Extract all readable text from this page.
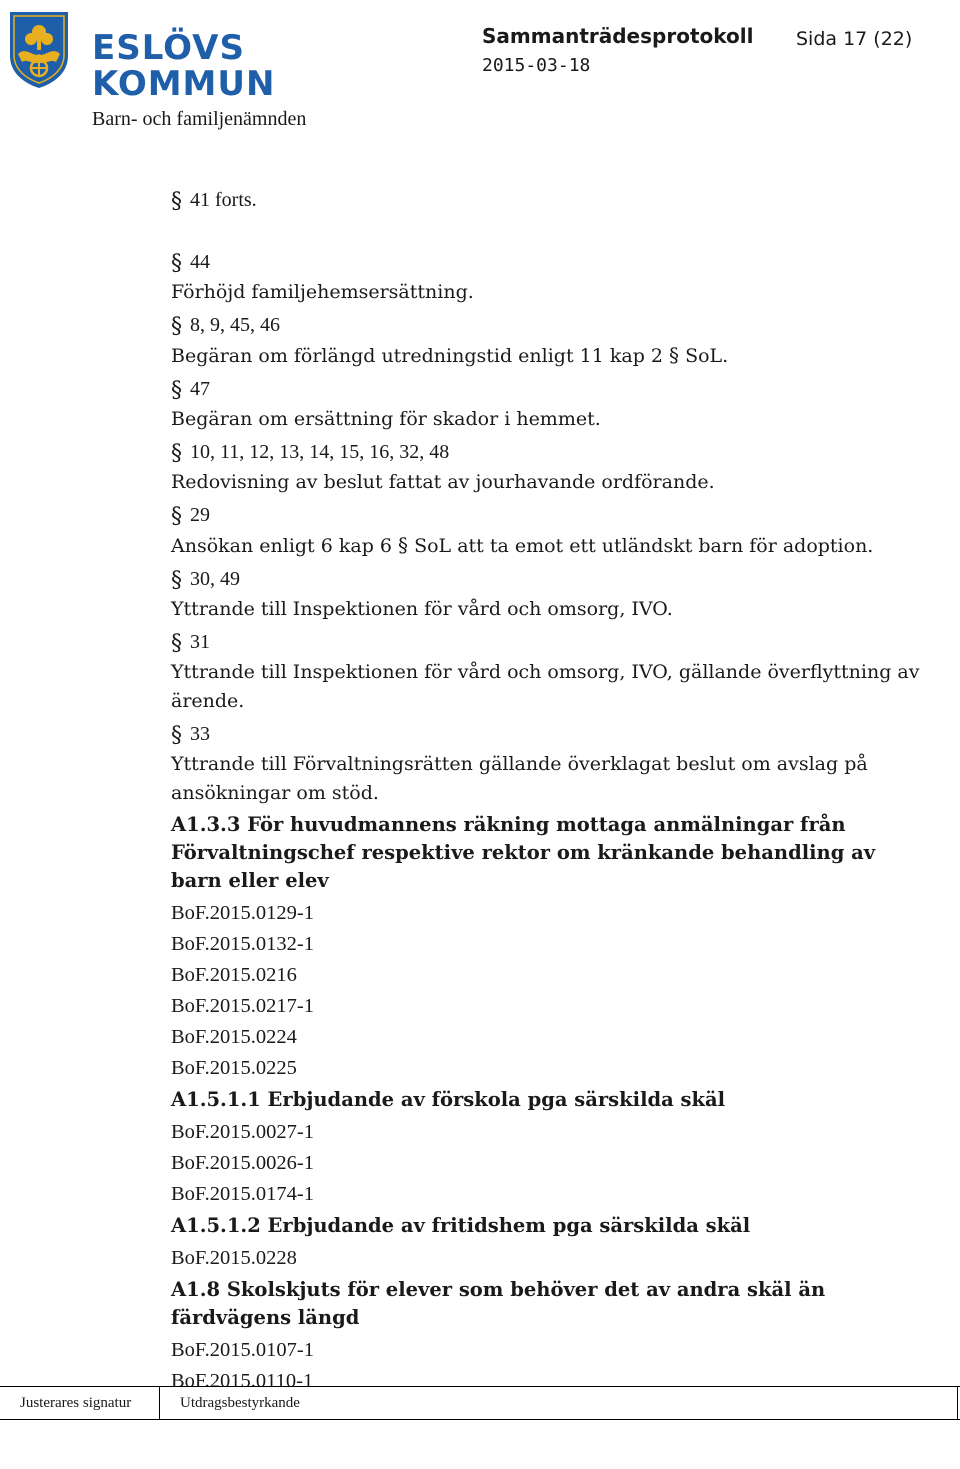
ESLÖVS
KOMMUN
Barn- och familjenämnden
Sammanträdesprotokoll
2015-03-18
Sida 17 (22)
§ 41 forts.
§ 44
Förhöjd familjehemsersättning.
§ 8, 9, 45, 46
Begäran om förlängd utredningstid enligt 11 kap 2 § SoL.
§ 47
Begäran om ersättning för skador i hemmet.
§ 10, 11, 12, 13, 14, 15, 16, 32, 48
Redovisning av beslut fattat av jourhavande ordförande.
§ 29
Ansökan enligt 6 kap 6 § SoL att ta emot ett utländskt barn för adoption.
§ 30, 49
Yttrande till Inspektionen för vård och omsorg, IVO.
§ 31
Yttrande till Inspektionen för vård och omsorg, IVO, gällande överflyttning av ärende.
§ 33
Yttrande till Förvaltningsrätten gällande överklagat beslut om avslag på ansökningar om stöd.
A1.3.3 För huvudmannens räkning mottaga anmälningar från Förvaltningschef respektive rektor om kränkande behandling av barn eller elev
BoF.2015.0129-1
BoF.2015.0132-1
BoF.2015.0216
BoF.2015.0217-1
BoF.2015.0224
BoF.2015.0225
A1.5.1.1 Erbjudande av förskola pga särskilda skäl
BoF.2015.0027-1
BoF.2015.0026-1
BoF.2015.0174-1
A1.5.1.2 Erbjudande av fritidshem pga särskilda skäl
BoF.2015.0228
A1.8 Skolskjuts för elever som behöver det av andra skäl än färdvägens längd
BoF.2015.0107-1
BoF.2015.0110-1
Justerares signatur	Utdragsbestyrkande
